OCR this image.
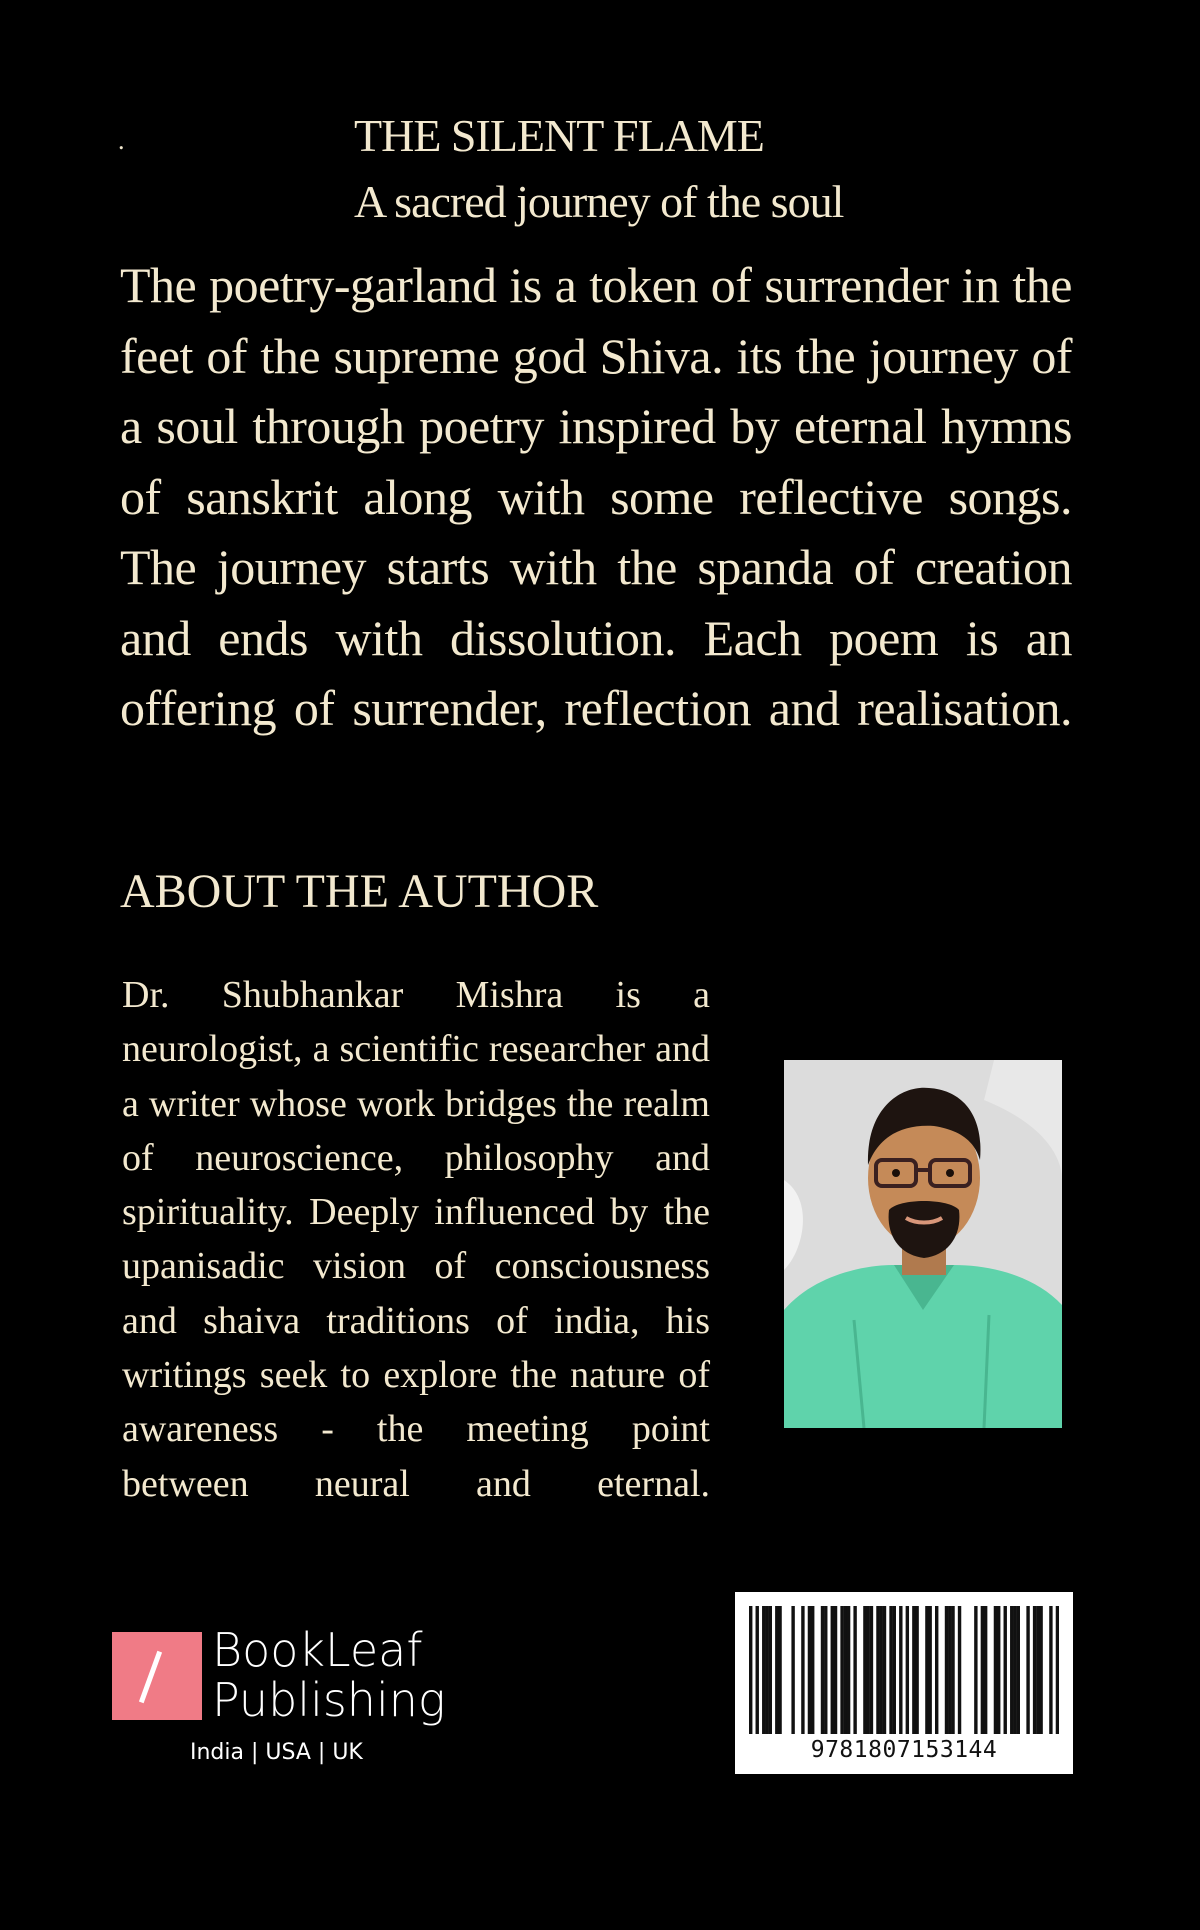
.	THE SILENT FLAME
A sacred journey of the soul
The poetry-garland is a token of surrender in the feet of the supreme god Shiva. its the journey of a soul through poetry inspired by eternal hymns of sanskrit along with some reflective songs. The journey starts with the spanda of creation and ends with dissolution. Each poem is an offering of surrender, reflection and realisation.
ABOUT THE AUTHOR
Dr. Shubhankar Mishra is a neurologist, a scientific researcher and a writer whose work bridges the realm of neuroscience, philosophy and spirituality. Deeply influenced by the upanisadic vision of consciousness and shaiva traditions of india, his writings seek to explore the nature of awareness - the meeting point between neural and eternal.
BookLeaf
Publishing
India | USA | UK	9781807153144
